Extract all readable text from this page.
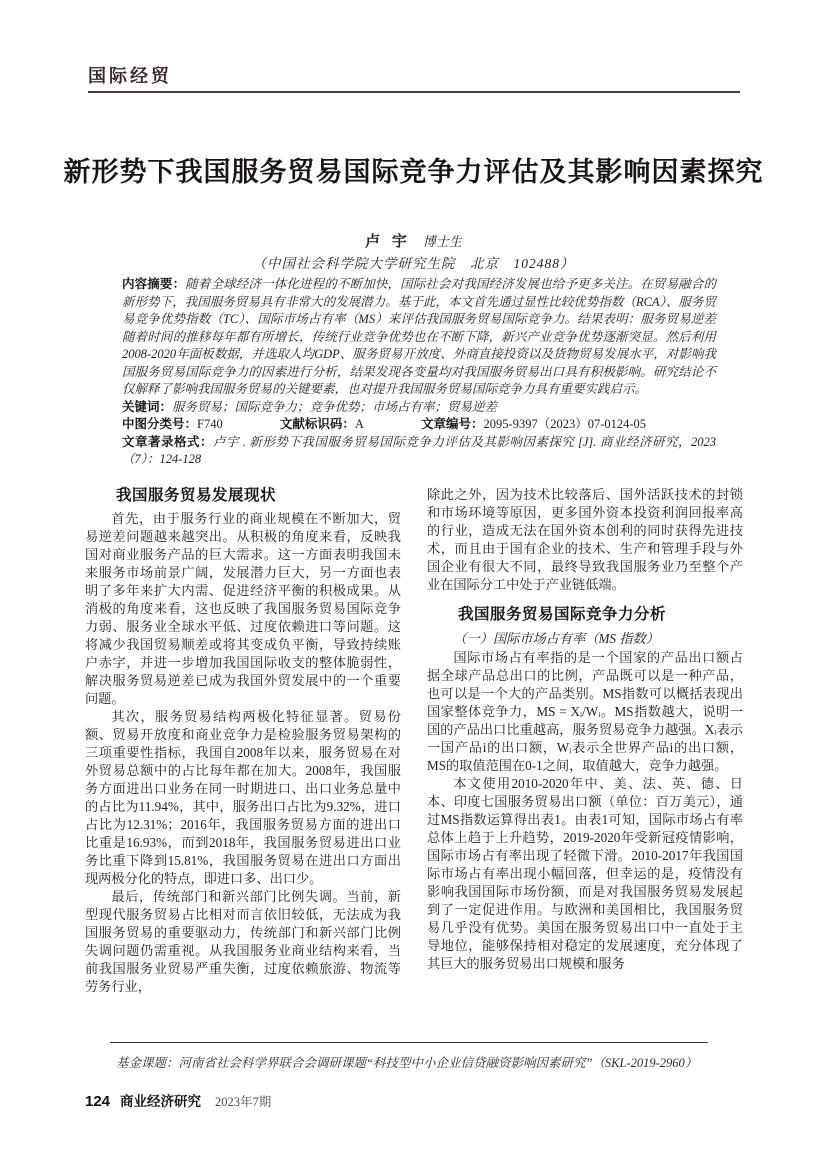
国际经贸
新形势下我国服务贸易国际竞争力评估及其影响因素探究
卢 宇 博士生
（中国社会科学院大学研究生院　北京　102488）

内容摘要：随着全球经济一体化进程的不断加快，国际社会对我国经济发展也给予更多关注。在贸易融合的新形势下，我国服务贸易具有非常大的发展潜力。基于此，本文首先通过显性比较优势指数（RCA）、服务贸易竞争优势指数（TC）、国际市场占有率（MS）来评估我国服务贸易国际竞争力。结果表明：服务贸易逆差随着时间的推移每年都有所增长，传统行业竞争优势也在不断下降，新兴产业竞争优势逐渐突显。然后利用2008-2020年面板数据，并选取人均GDP、服务贸易开放度、外商直接投资以及货物贸易发展水平，对影响我国服务贸易国际竞争力的因素进行分析，结果发现各变量均对我国服务贸易出口具有积极影响。研究结论不仅解释了影响我国服务贸易的关键要素，也对提升我国服务贸易国际竞争力具有重要实践启示。

关键词：服务贸易；国际竞争力；竞争优势；市场占有率；贸易逆差

中图分类号：F740	文献标识码：A	文章编号：2095-9397（2023）07-0124-05

文章著录格式：卢宇 . 新形势下我国服务贸易国际竞争力评估及其影响因素探究 [J]. 商业经济研究，2023（7）：124-128

我国服务贸易发展现状

首先，由于服务行业的商业规模在不断加大，贸易逆差问题越来越突出。从积极的角度来看，反映我国对商业服务产品的巨大需求。这一方面表明我国未来服务市场前景广阔，发展潜力巨大，另一方面也表明了多年来扩大内需、促进经济平衡的积极成果。从消极的角度来看，这也反映了我国服务贸易国际竞争力弱、服务业全球水平低、过度依赖进口等问题。这将减少我国贸易顺差或将其变成负平衡，导致持续账户赤字，并进一步增加我国国际收支的整体脆弱性，解决服务贸易逆差已成为我国外贸发展中的一个重要问题。

其次，服务贸易结构两极化特征显著。贸易份额、贸易开放度和商业竞争力是检验服务贸易架构的三项重要性指标，我国自2008年以来，服务贸易在对外贸易总额中的占比每年都在加大。2008年，我国服务方面进出口业务在同一时期进口、出口业务总量中的占比为11.94%，其中，服务出口占比为9.32%，进口占比为12.31%；2016年，我国服务贸易方面的进出口比重是16.93%，而到2018年，我国服务贸易进出口业务比重下降到15.81%，我国服务贸易在进出口方面出现两极分化的特点，即进口多、出口少。

最后，传统部门和新兴部门比例失调。当前，新型现代服务贸易占比相对而言依旧较低，无法成为我国服务贸易的重要驱动力，传统部门和新兴部门比例失调问题仍需重视。从我国服务业商业结构来看，当前我国服务业贸易严重失衡，过度依赖旅游、物流等劳务行业，

除此之外，因为技术比较落后、国外活跃技术的封锁和市场环境等原因，更多国外资本投资利润回报率高的行业，造成无法在国外资本创利的同时获得先进技术，而且由于国有企业的技术、生产和管理手段与外国企业有很大不同，最终导致我国服务业乃至整个产业在国际分工中处于产业链低端。

我国服务贸易国际竞争力分析

（一）国际市场占有率（MS 指数）

国际市场占有率指的是一个国家的产品出口额占据全球产品总出口的比例，产品既可以是一种产品，也可以是一个大的产品类别。MS指数可以概括表现出国家整体竞争力，MS = Xᵢ/Wᵢ。MS指数越大，说明一国的产品出口比重越高，服务贸易竞争力越强。Xᵢ表示一国产品i的出口额，Wᵢ表示全世界产品i的出口额，MS的取值范围在0-1之间，取值越大，竞争力越强。

本文使用2010-2020年中、美、法、英、德、日本、印度七国服务贸易出口额（单位：百万美元），通过MS指数运算得出表1。由表1可知，国际市场占有率总体上趋于上升趋势，2019-2020年受新冠疫情影响，国际市场占有率出现了轻微下滑。2010-2017年我国国际市场占有率出现小幅回落，但幸运的是，疫情没有影响我国国际市场份额，而是对我国服务贸易发展起到了一定促进作用。与欧洲和美国相比，我国服务贸易几乎没有优势。美国在服务贸易出口中一直处于主导地位，能够保持相对稳定的发展速度，充分体现了其巨大的服务贸易出口规模和服务

基金课题：河南省社会科学界联合会调研课题“科技型中小企业信贷融资影响因素研究”（SKL-2019-2960）
124 商业经济研究 2023年7期
